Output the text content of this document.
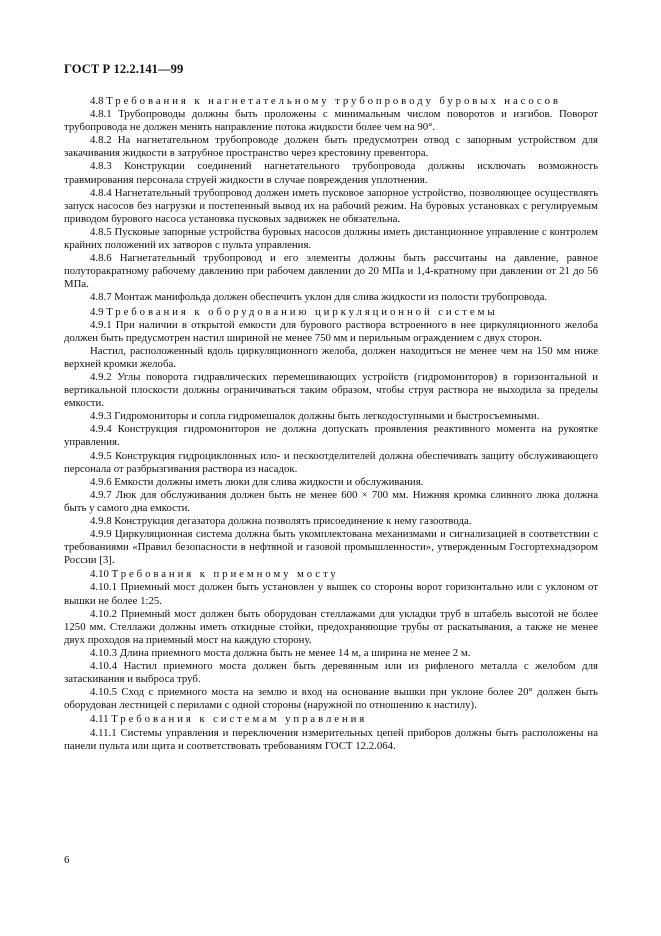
ГОСТ Р 12.2.141—99

4.8 Требования к нагнетательному трубопроводу буровых насосов

4.8.1 Трубопроводы должны быть проложены с минимальным числом поворотов и изгибов. Поворот трубопровода не должен менять направление потока жидкости более чем на 90°.

4.8.2 На нагнетательном трубопроводе должен быть предусмотрен отвод с запорным устройством для закачивания жидкости в затрубное пространство через крестовину превентора.

4.8.3 Конструкции соединений нагнетательного трубопровода должны исключать возможность травмирования персонала струей жидкости в случае повреждения уплотнения.

4.8.4 Нагнетательный трубопровод должен иметь пусковое запорное устройство, позволяющее осуществлять запуск насосов без нагрузки и постепенный вывод их на рабочий режим. На буровых установках с регулируемым приводом бурового насоса установка пусковых задвижек не обязательна.

4.8.5 Пусковые запорные устройства буровых насосов должны иметь дистанционное управление с контролем крайних положений их затворов с пульта управления.

4.8.6 Нагнетательный трубопровод и его элементы должны быть рассчитаны на давление, равное полуторакратному рабочему давлению при рабочем давлении до 20 МПа и 1,4-кратному при давлении от 21 до 56 МПа.

4.8.7 Монтаж манифольда должен обеспечить уклон для слива жидкости из полости трубопровода.

4.9 Требования к оборудованию циркуляционной системы

4.9.1 При наличии в открытой емкости для бурового раствора встроенного в нее циркуляционного желоба должен быть предусмотрен настил шириной не менее 750 мм и перильным ограждением с двух сторон.

Настил, расположенный вдоль циркуляционного желоба, должен находиться не менее чем на 150 мм ниже верхней кромки желоба.

4.9.2 Углы поворота гидравлических перемешивающих устройств (гидромониторов) в горизонтальной и вертикальной плоскости должны ограничиваться таким образом, чтобы струя раствора не выходила за пределы емкости.

4.9.3 Гидромониторы и сопла гидромешалок должны быть легкодоступными и быстросъемными.

4.9.4 Конструкция гидромониторов не должна допускать проявления реактивного момента на рукоятке управления.

4.9.5 Конструкция гидроциклонных ило- и пескоотделителей должна обеспечивать защиту обслуживающего персонала от разбрызгивания раствора из насадок.

4.9.6 Емкости должны иметь люки для слива жидкости и обслуживания.

4.9.7 Люк для обслуживания должен быть не менее 600 × 700 мм. Нижняя кромка сливного люка должна быть у самого дна емкости.

4.9.8 Конструкция дегазатора должна позволять присоединение к нему газоотвода.

4.9.9 Циркуляционная система должна быть укомплектована механизмами и сигнализацией в соответствии с требованиями «Правил безопасности в нефтяной и газовой промышленности», утвержденным Госгортехнадзором России [3].

4.10 Требования к приемному мосту

4.10.1 Приемный мост должен быть установлен у вышек со стороны ворот горизонтально или с уклоном от вышки не более 1:25.

4.10.2 Приемный мост должен быть оборудован стеллажами для укладки труб в штабель высотой не более 1250 мм. Стеллажи должны иметь откидные стойки, предохраняющие трубы от раскатывания, а также не менее двух проходов на приемный мост на каждую сторону.

4.10.3 Длина приемного моста должна быть не менее 14 м, а ширина не менее 2 м.

4.10.4 Настил приемного моста должен быть деревянным или из рифленого металла с желобом для затаскивания и выброса труб.

4.10.5 Сход с приемного моста на землю и вход на основание вышки при уклоне более 20° должен быть оборудован лестницей с перилами с одной стороны (наружной по отношению к настилу).

4.11 Требования к системам управления

4.11.1 Системы управления и переключения измерительных цепей приборов должны быть расположены на панели пульта или щита и соответствовать требованиям ГОСТ 12.2.064.

6
